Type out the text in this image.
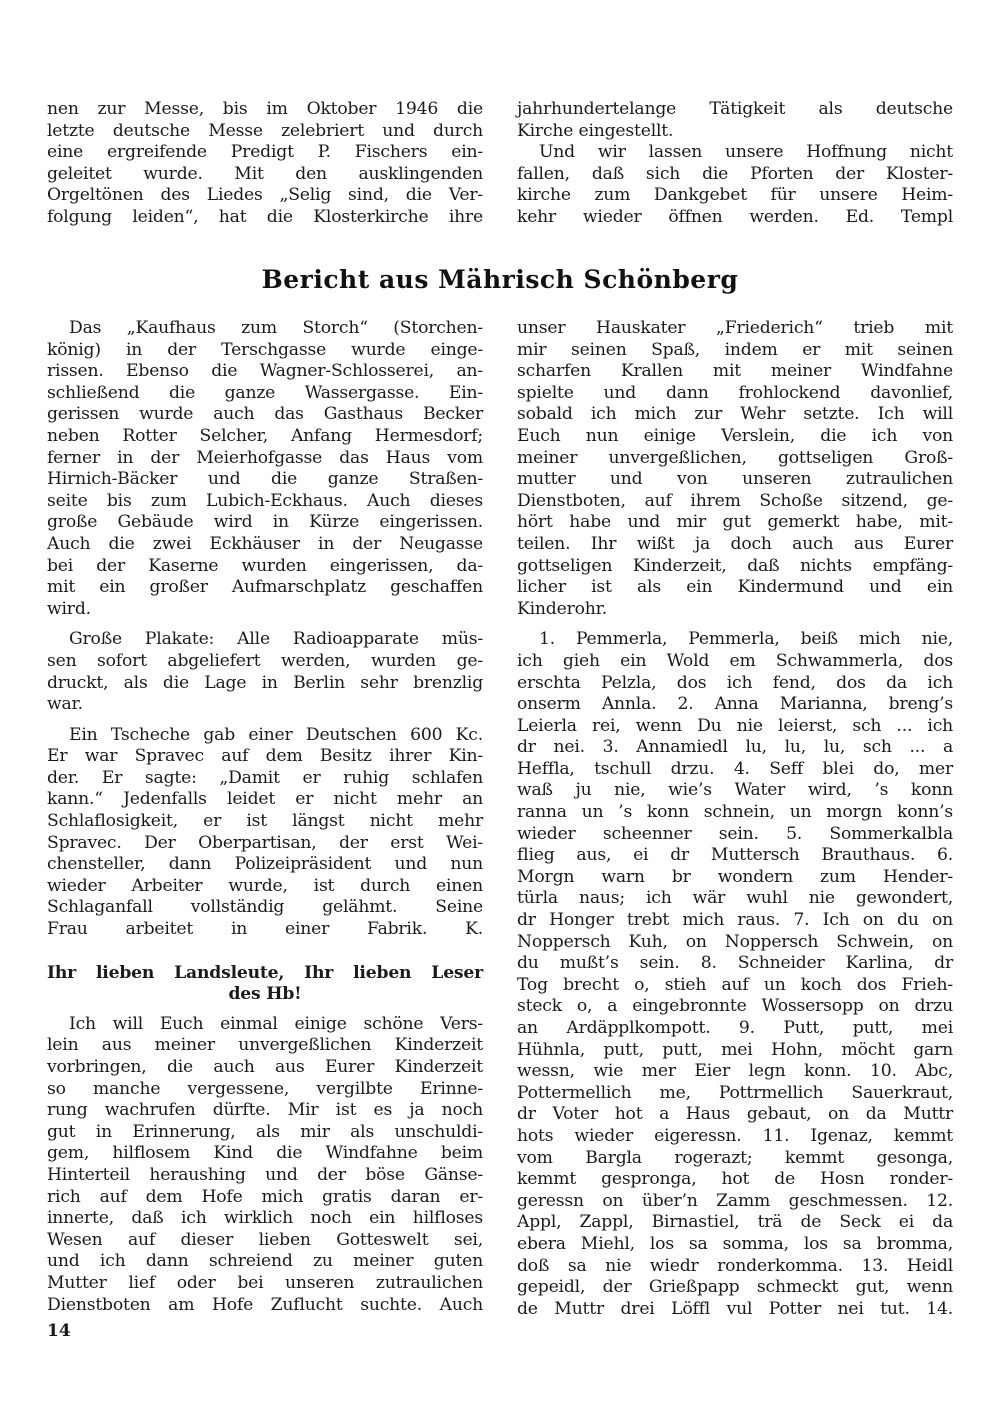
nen zur Messe, bis im Oktober 1946 die
letzte deutsche Messe zelebriert und durch
eine ergreifende Predigt P. Fischers ein-
geleitet wurde. Mit den ausklingenden
Orgeltönen des Liedes „Selig sind, die Ver-
folgung leiden“, hat die Klosterkirche ihre
jahrhundertelange Tätigkeit als deutsche
Kirche eingestellt.
Und wir lassen unsere Hoffnung nicht
fallen, daß sich die Pforten der Kloster-
kirche zum Dankgebet für unsere Heim-
kehr wieder öffnen werden. Ed. Templ
Bericht aus Mährisch Schönberg
Das „Kaufhaus zum Storch“ (Storchen-
könig) in der Terschgasse wurde einge-
rissen. Ebenso die Wagner-Schlosserei, an-
schließend die ganze Wassergasse. Ein-
gerissen wurde auch das Gasthaus Becker
neben Rotter Selcher, Anfang Hermesdorf;
ferner in der Meierhofgasse das Haus vom
Hirnich-Bäcker und die ganze Straßen-
seite bis zum Lubich-Eckhaus. Auch dieses
große Gebäude wird in Kürze eingerissen.
Auch die zwei Eckhäuser in der Neugasse
bei der Kaserne wurden eingerissen, da-
mit ein großer Aufmarschplatz geschaffen
wird.
Große Plakate: Alle Radioapparate müs-
sen sofort abgeliefert werden, wurden ge-
druckt, als die Lage in Berlin sehr brenzlig
war.
Ein Tscheche gab einer Deutschen 600 Kc.
Er war Spravec auf dem Besitz ihrer Kin-
der. Er sagte: „Damit er ruhig schlafen
kann.“ Jedenfalls leidet er nicht mehr an
Schlaflosigkeit, er ist längst nicht mehr
Spravec. Der Oberpartisan, der erst Wei-
chensteller, dann Polizeipräsident und nun
wieder Arbeiter wurde, ist durch einen
Schlaganfall vollständig gelähmt. Seine
Frau arbeitet in einer Fabrik. K.
Ihr lieben Landsleute, Ihr lieben Leser
des Hb!
Ich will Euch einmal einige schöne Vers-
lein aus meiner unvergeßlichen Kinderzeit
vorbringen, die auch aus Eurer Kinderzeit
so manche vergessene, vergilbte Erinne-
rung wachrufen dürfte. Mir ist es ja noch
gut in Erinnerung, als mir als unschuldi-
gem, hilflosem Kind die Windfahne beim
Hinterteil heraushing und der böse Gänse-
rich auf dem Hofe mich gratis daran er-
innerte, daß ich wirklich noch ein hilfloses
Wesen auf dieser lieben Gotteswelt sei,
und ich dann schreiend zu meiner guten
Mutter lief oder bei unseren zutraulichen
Dienstboten am Hofe Zuflucht suchte. Auch
unser Hauskater „Friederich“ trieb mit
mir seinen Spaß, indem er mit seinen
scharfen Krallen mit meiner Windfahne
spielte und dann frohlockend davonlief,
sobald ich mich zur Wehr setzte. Ich will
Euch nun einige Verslein, die ich von
meiner unvergeßlichen, gottseligen Groß-
mutter und von unseren zutraulichen
Dienstboten, auf ihrem Schoße sitzend, ge-
hört habe und mir gut gemerkt habe, mit-
teilen. Ihr wißt ja doch auch aus Eurer
gottseligen Kinderzeit, daß nichts empfäng-
licher ist als ein Kindermund und ein
Kinderohr.
1. Pemmerla, Pemmerla, beiß mich nie,
ich gieh ein Wold em Schwammerla, dos
erschta Pelzla, dos ich fend, dos da ich
onserm Annla. 2. Anna Marianna, breng’s
Leierla rei, wenn Du nie leierst, sch ... ich
dr nei. 3. Annamiedl lu, lu, lu, sch ... a
Heffla, tschull drzu. 4. Seff blei do, mer
waß ju nie, wie’s Water wird, ’s konn
ranna un ’s konn schnein, un morgn konn’s
wieder scheenner sein. 5. Sommerkalbla
flieg aus, ei dr Muttersch Brauthaus. 6.
Morgn warn br wondern zum Hender-
türla naus; ich wär wuhl nie gewondert,
dr Honger trebt mich raus. 7. Ich on du on
Noppersch Kuh, on Noppersch Schwein, on
du mußt’s sein. 8. Schneider Karlina, dr
Tog brecht o, stieh auf un koch dos Frieh-
steck o, a eingebronnte Wossersopp on drzu
an Ardäpplkompott. 9. Putt, putt, mei
Hühnla, putt, putt, mei Hohn, möcht garn
wessn, wie mer Eier legn konn. 10. Abc,
Pottermellich me, Pottrmellich Sauerkraut,
dr Voter hot a Haus gebaut, on da Muttr
hots wieder eigeressn. 11. Igenaz, kemmt
vom Bargla rogerazt; kemmt gesonga,
kemmt gespronga, hot de Hosn ronder-
geressn on über’n Zamm geschmessen. 12.
Appl, Zappl, Birnastiel, trä de Seck ei da
ebera Miehl, los sa somma, los sa bromma,
doß sa nie wiedr ronderkomma. 13. Heidl
gepeidl, der Grießpapp schmeckt gut, wenn
de Muttr drei Löffl vul Potter nei tut. 14.
14
